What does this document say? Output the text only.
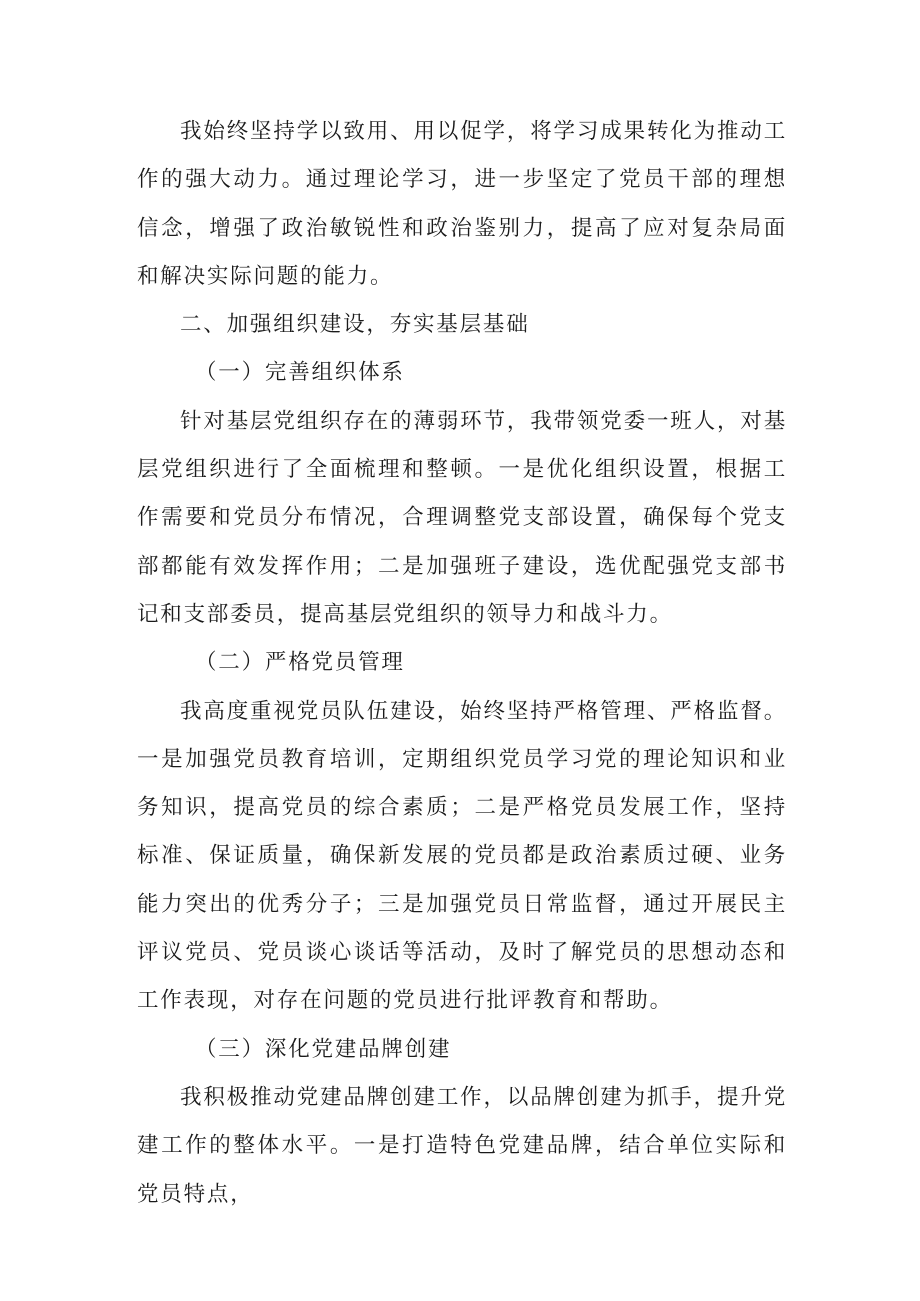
我始终坚持学以致用、用以促学，将学习成果转化为推动工作的强大动力。通过理论学习，进一步坚定了党员干部的理想信念，增强了政治敏锐性和政治鉴别力，提高了应对复杂局面和解决实际问题的能力。

二、加强组织建设，夯实基层基础

（一）完善组织体系

针对基层党组织存在的薄弱环节，我带领党委一班人，对基层党组织进行了全面梳理和整顿。一是优化组织设置，根据工作需要和党员分布情况，合理调整党支部设置，确保每个党支部都能有效发挥作用；二是加强班子建设，选优配强党支部书记和支部委员，提高基层党组织的领导力和战斗力。

（二）严格党员管理

我高度重视党员队伍建设，始终坚持严格管理、严格监督。一是加强党员教育培训，定期组织党员学习党的理论知识和业务知识，提高党员的综合素质；二是严格党员发展工作，坚持标准、保证质量，确保新发展的党员都是政治素质过硬、业务能力突出的优秀分子；三是加强党员日常监督，通过开展民主评议党员、党员谈心谈话等活动，及时了解党员的思想动态和工作表现，对存在问题的党员进行批评教育和帮助。

（三）深化党建品牌创建

我积极推动党建品牌创建工作，以品牌创建为抓手，提升党建工作的整体水平。一是打造特色党建品牌，结合单位实际和党员特点，
